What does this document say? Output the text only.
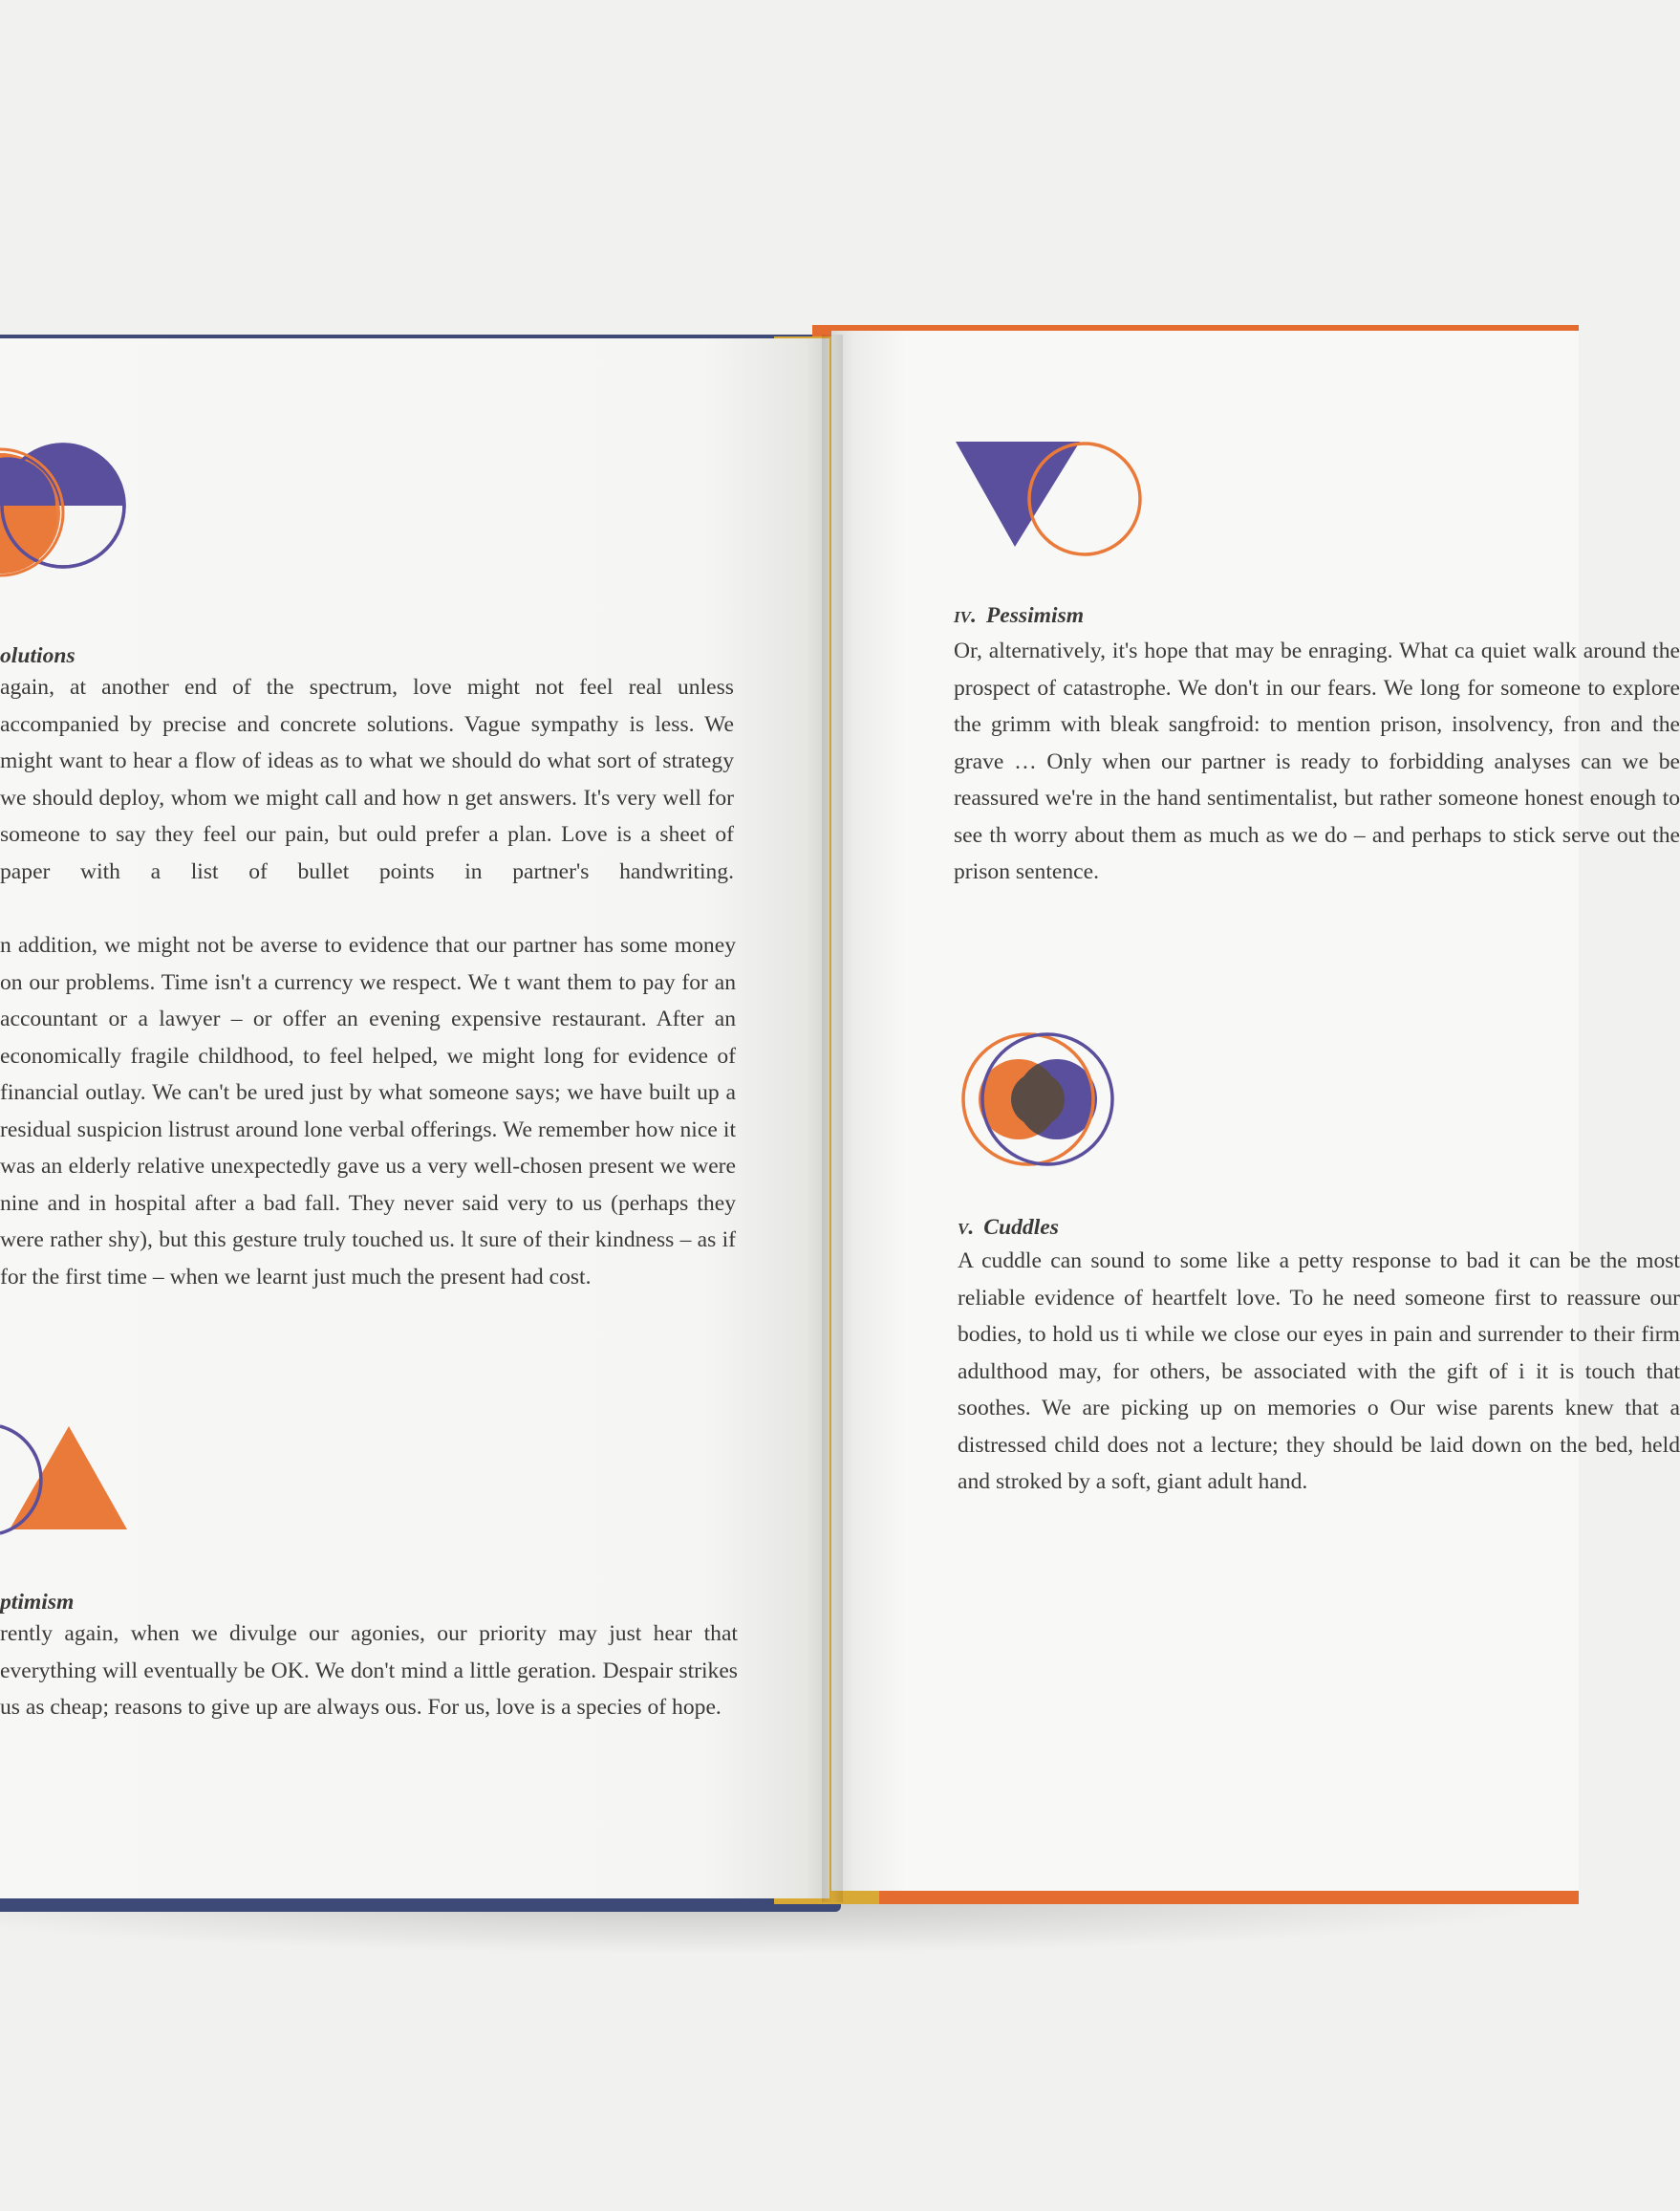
olutions

again, at another end of the spectrum, love might not feel real unless accompanied by precise and concrete solutions. Vague sympathy is less. We might want to hear a flow of ideas as to what we should do what sort of strategy we should deploy, whom we might call and how n get answers. It's very well for someone to say they feel our pain, but ould prefer a plan. Love is a sheet of paper with a list of bullet points in partner's handwriting.

n addition, we might not be averse to evidence that our partner has some money on our problems. Time isn't a currency we respect. We t want them to pay for an accountant or a lawyer – or offer an evening expensive restaurant. After an economically fragile childhood, to feel helped, we might long for evidence of financial outlay. We can't be ured just by what someone says; we have built up a residual suspicion listrust around lone verbal offerings. We remember how nice it was an elderly relative unexpectedly gave us a very well-chosen present we were nine and in hospital after a bad fall. They never said very to us (perhaps they were rather shy), but this gesture truly touched us. lt sure of their kindness – as if for the first time – when we learnt just much the present had cost.

ptimism

rently again, when we divulge our agonies, our priority may just hear that everything will eventually be OK. We don't mind a little geration. Despair strikes us as cheap; reasons to give up are always ous. For us, love is a species of hope.

iv. Pessimism

Or, alternatively, it's hope that may be enraging. What ca quiet walk around the prospect of catastrophe. We don't in our fears. We long for someone to explore the grimm with bleak sangfroid: to mention prison, insolvency, fron and the grave … Only when our partner is ready to forbidding analyses can we be reassured we're in the hand sentimentalist, but rather someone honest enough to see th worry about them as much as we do – and perhaps to stick serve out the prison sentence.

v. Cuddles

A cuddle can sound to some like a petty response to bad it can be the most reliable evidence of heartfelt love. To he need someone first to reassure our bodies, to hold us ti while we close our eyes in pain and surrender to their firm adulthood may, for others, be associated with the gift of i it is touch that soothes. We are picking up on memories o Our wise parents knew that a distressed child does not a lecture; they should be laid down on the bed, held and stroked by a soft, giant adult hand.
